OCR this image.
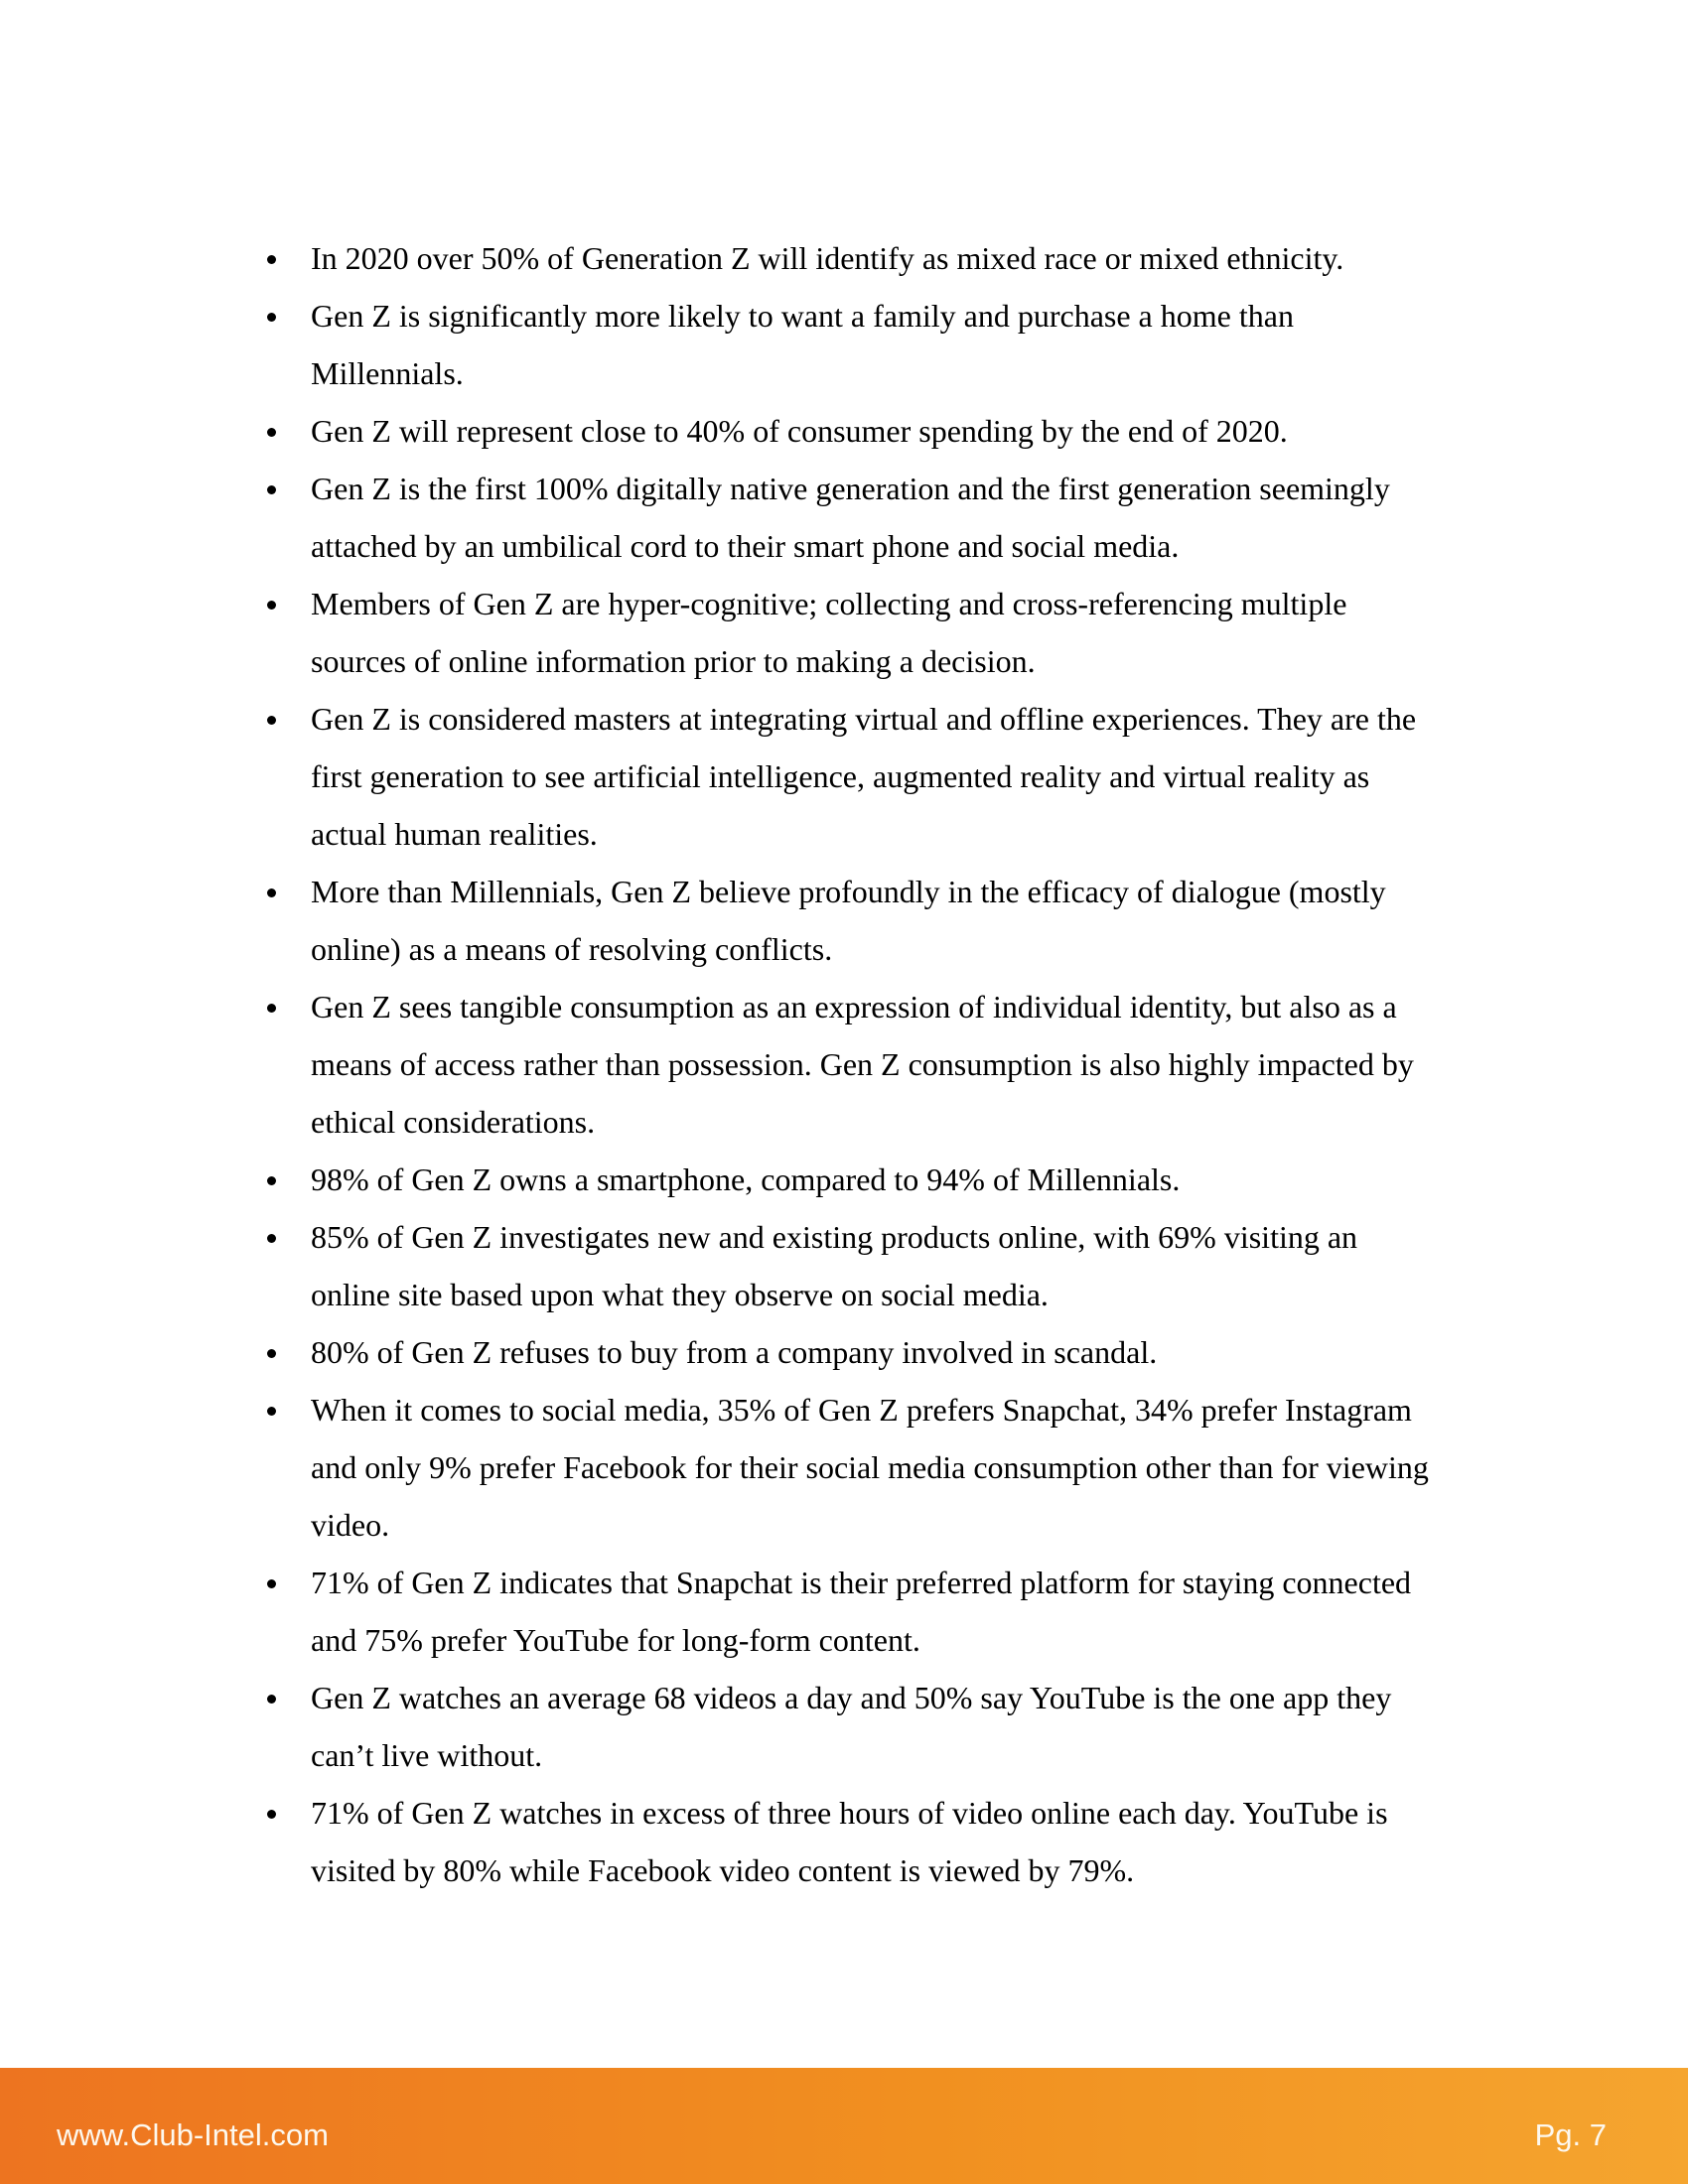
In 2020 over 50% of Generation Z will identify as mixed race or mixed ethnicity.
Gen Z is significantly more likely to want a family and purchase a home than Millennials.
Gen Z will represent close to 40% of consumer spending by the end of 2020.
Gen Z is the first 100% digitally native generation and the first generation seemingly attached by an umbilical cord to their smart phone and social media.
Members of Gen Z are hyper-cognitive; collecting and cross-referencing multiple sources of online information prior to making a decision.
Gen Z is considered masters at integrating virtual and offline experiences. They are the first generation to see artificial intelligence, augmented reality and virtual reality as actual human realities.
More than Millennials, Gen Z believe profoundly in the efficacy of dialogue (mostly online) as a means of resolving conflicts.
Gen Z sees tangible consumption as an expression of individual identity, but also as a means of access rather than possession. Gen Z consumption is also highly impacted by ethical considerations.
98% of Gen Z owns a smartphone, compared to 94% of Millennials.
85% of Gen Z investigates new and existing products online, with 69% visiting an online site based upon what they observe on social media.
80% of Gen Z refuses to buy from a company involved in scandal.
When it comes to social media, 35% of Gen Z prefers Snapchat, 34% prefer Instagram and only 9% prefer Facebook for their social media consumption other than for viewing video.
71% of Gen Z indicates that Snapchat is their preferred platform for staying connected and 75% prefer YouTube for long-form content.
Gen Z watches an average 68 videos a day and 50% say YouTube is the one app they can’t live without.
71% of Gen Z watches in excess of three hours of video online each day. YouTube is visited by 80% while Facebook video content is viewed by 79%.
www.Club-Intel.com	Pg. 7
